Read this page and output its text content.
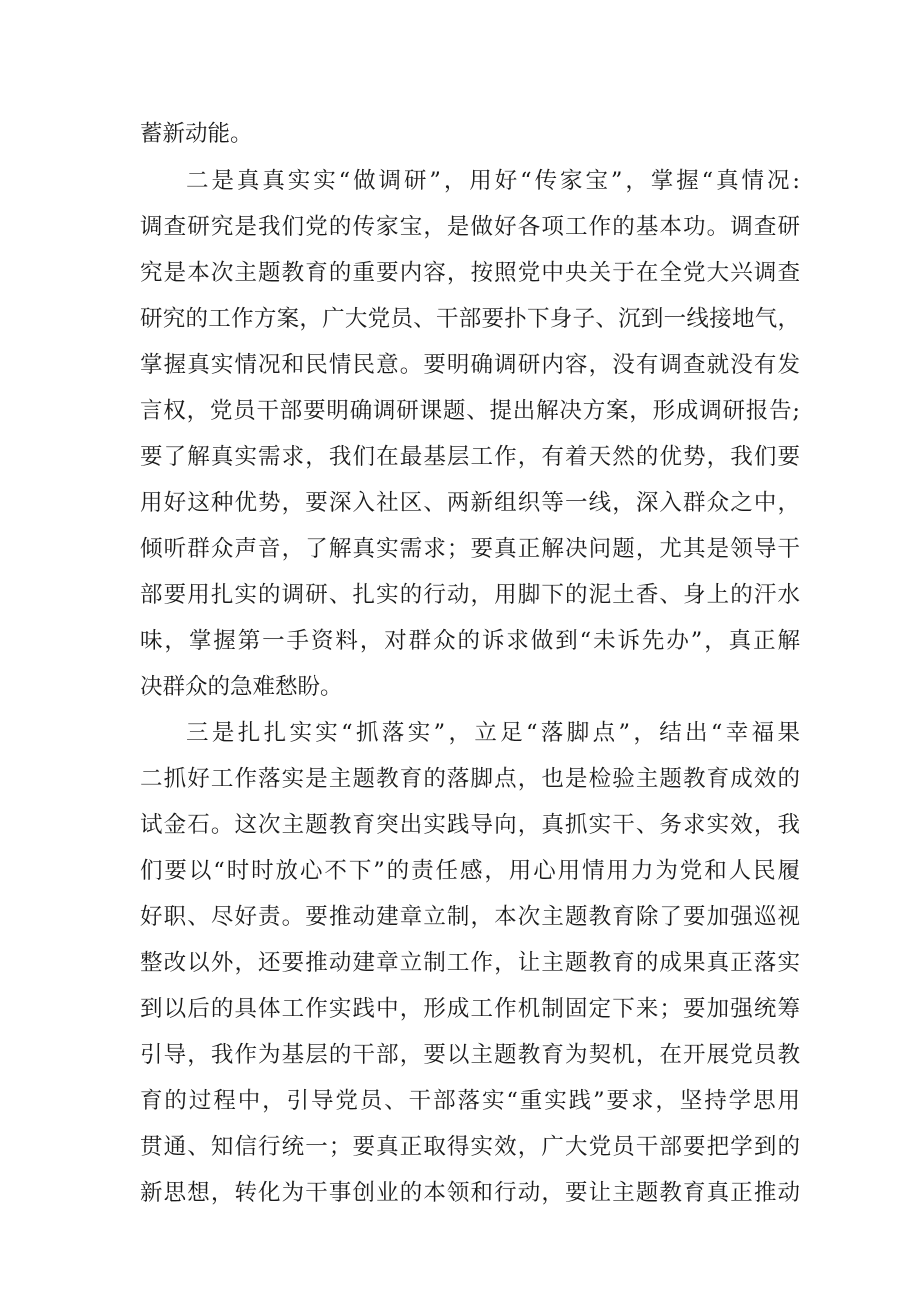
蓄新动能。
二是真真实实“做调研”，用好“传家宝”，掌握“真情况:
调查研究是我们党的传家宝，是做好各项工作的基本功。调查研
究是本次主题教育的重要内容，按照党中央关于在全党大兴调查
研究的工作方案，广大党员、干部要扑下身子、沉到一线接地气，
掌握真实情况和民情民意。要明确调研内容，没有调查就没有发
言权，党员干部要明确调研课题、提出解决方案，形成调研报告;
要了解真实需求，我们在最基层工作，有着天然的优势，我们要
用好这种优势，要深入社区、两新组织等一线，深入群众之中，
倾听群众声音，了解真实需求；要真正解决问题，尤其是领导干
部要用扎实的调研、扎实的行动，用脚下的泥土香、身上的汗水
味，掌握第一手资料，对群众的诉求做到“未诉先办”，真正解
决群众的急难愁盼。
三是扎扎实实“抓落实”，立足“落脚点”，结出“幸福果
二抓好工作落实是主题教育的落脚点，也是检验主题教育成效的
试金石。这次主题教育突出实践导向，真抓实干、务求实效，我
们要以“时时放心不下”的责任感，用心用情用力为党和人民履
好职、尽好责。要推动建章立制，本次主题教育除了要加强巡视
整改以外，还要推动建章立制工作，让主题教育的成果真正落实
到以后的具体工作实践中，形成工作机制固定下来；要加强统筹
引导，我作为基层的干部，要以主题教育为契机，在开展党员教
育的过程中，引导党员、干部落实“重实践”要求，坚持学思用
贯通、知信行统一；要真正取得实效，广大党员干部要把学到的
新思想，转化为干事创业的本领和行动，要让主题教育真正推动
